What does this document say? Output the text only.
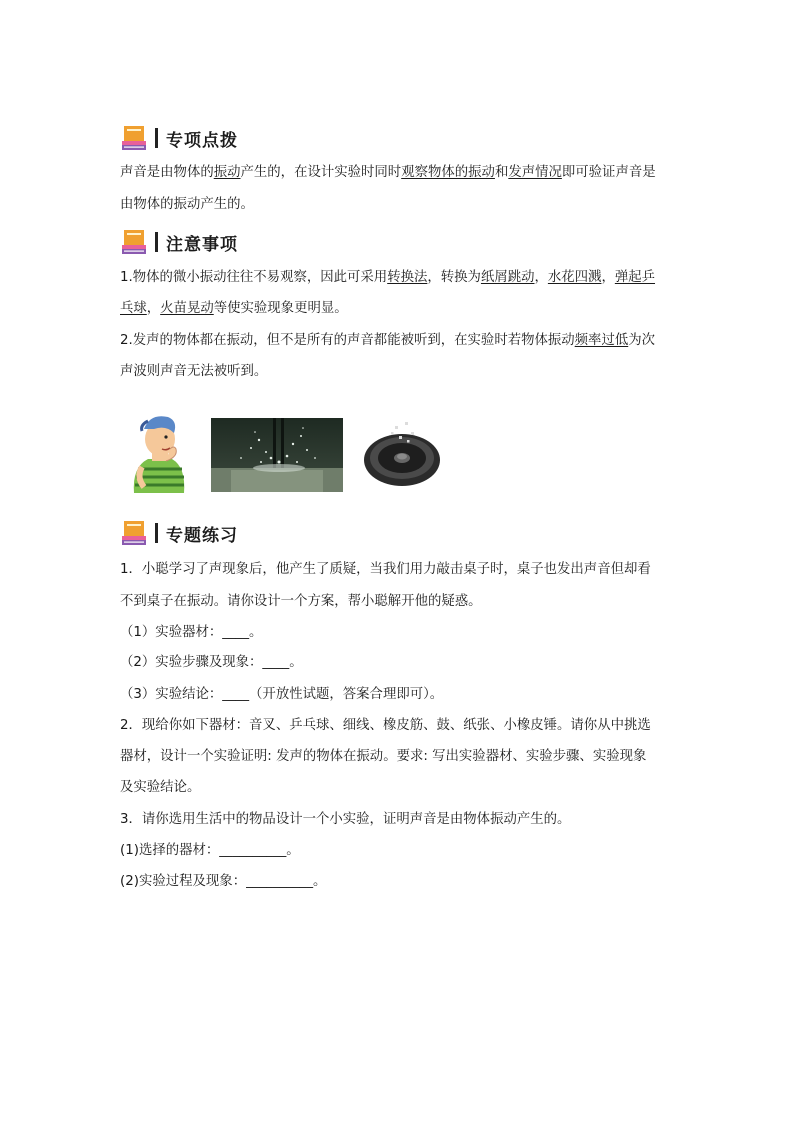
专项点拨
声音是由物体的振动产生的，在设计实验时同时观察物体的振动和发声情况即可验证声音是
由物体的振动产生的。
注意事项
1.物体的微小振动往往不易观察，因此可采用转换法，转换为纸屑跳动，水花四溅，弹起乒
乓球，火苗晃动等使实验现象更明显。
2.发声的物体都在振动，但不是所有的声音都能被听到，在实验时若物体振动频率过低为次
声波则声音无法被听到。
专题练习
1．小聪学习了声现象后，他产生了质疑，当我们用力敲击桌子时，桌子也发出声音但却看
不到桌子在振动。请你设计一个方案，帮小聪解开他的疑惑。
（1）实验器材：____。
（2）实验步骤及现象：____。
（3）实验结论：____（开放性试题，答案合理即可）。
2．现给你如下器材：音叉、乒乓球、细线、橡皮筋、鼓、纸张、小橡皮锤。请你从中挑选
器材，设计一个实验证明: 发声的物体在振动。要求: 写出实验器材、实验步骤、实验现象
及实验结论。
3．请你选用生活中的物品设计一个小实验，证明声音是由物体振动产生的。
(1)选择的器材：__________。
(2)实验过程及现象：__________。
